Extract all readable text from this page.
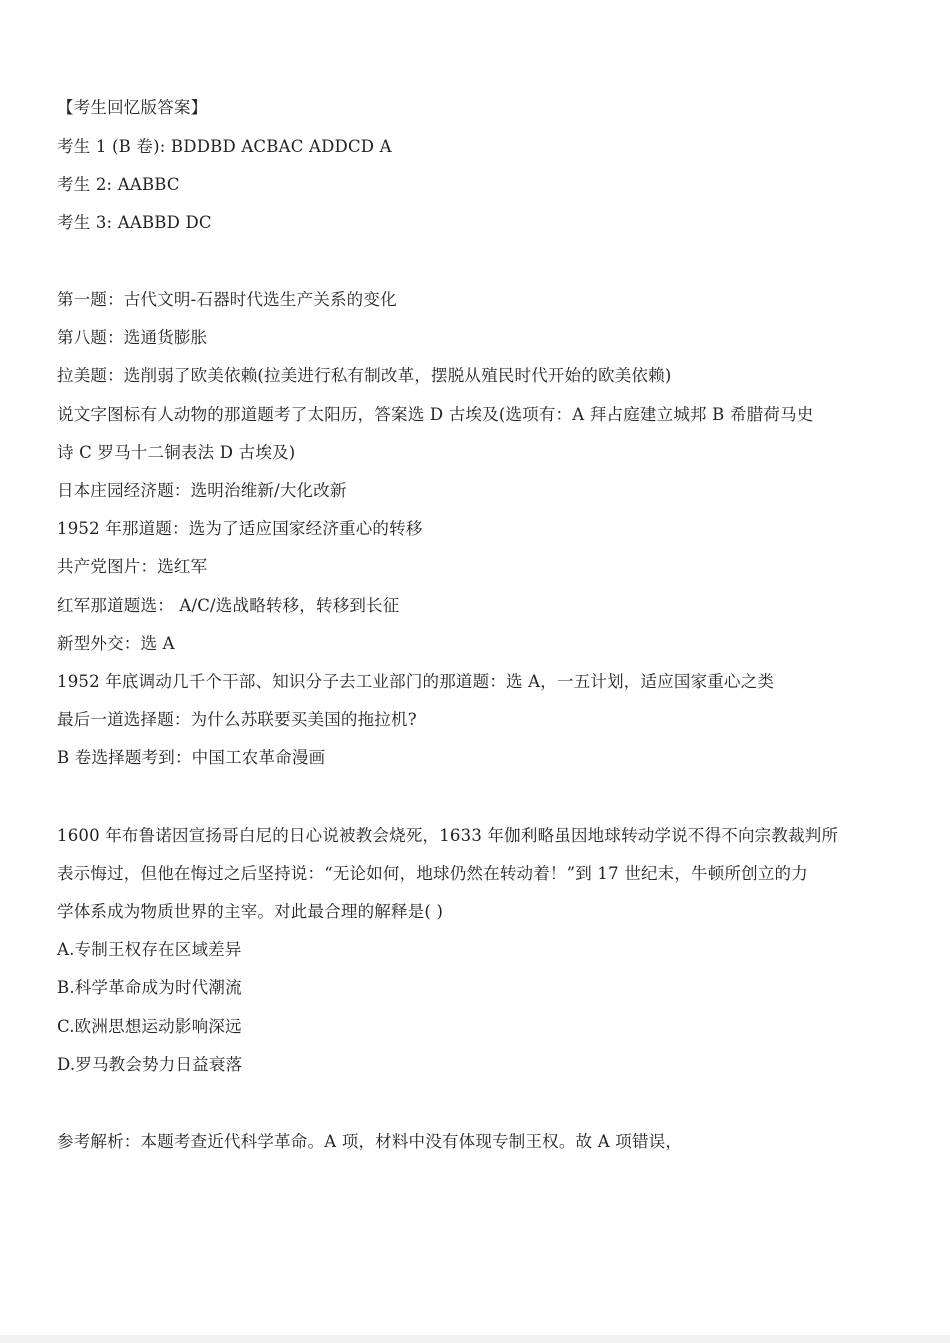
【考生回忆版答案】
考生 1 (B 卷): BDDBD ACBAC ADDCD A
考生 2: AABBC
考生 3: AABBD DC
第一题：古代文明-石器时代选生产关系的变化
第八题：选通货膨胀
拉美题：选削弱了欧美依赖(拉美进行私有制改革，摆脱从殖民时代开始的欧美依赖)
说文字图标有人动物的那道题考了太阳历，答案选 D 古埃及(选项有：A 拜占庭建立城邦 B 希腊荷马史
诗 C 罗马十二铜表法 D 古埃及)
日本庄园经济题：选明治维新/大化改新
1952 年那道题：选为了适应国家经济重心的转移
共产党图片：选红军
红军那道题选： A/C/选战略转移，转移到长征
新型外交：选 A
1952 年底调动几千个干部、知识分子去工业部门的那道题：选 A，一五计划，适应国家重心之类
最后一道选择题：为什么苏联要买美国的拖拉机?
B 卷选择题考到：中国工农革命漫画
1600 年布鲁诺因宣扬哥白尼的日心说被教会烧死，1633 年伽利略虽因地球转动学说不得不向宗教裁判所
表示悔过，但他在悔过之后坚持说：“无论如何，地球仍然在转动着！”到 17 世纪末，牛顿所创立的力
学体系成为物质世界的主宰。对此最合理的解释是( )
A.专制王权存在区域差异
B.科学革命成为时代潮流
C.欧洲思想运动影响深远
D.罗马教会势力日益衰落
参考解析：本题考查近代科学革命。A 项，材料中没有体现专制王权。故 A 项错误，
